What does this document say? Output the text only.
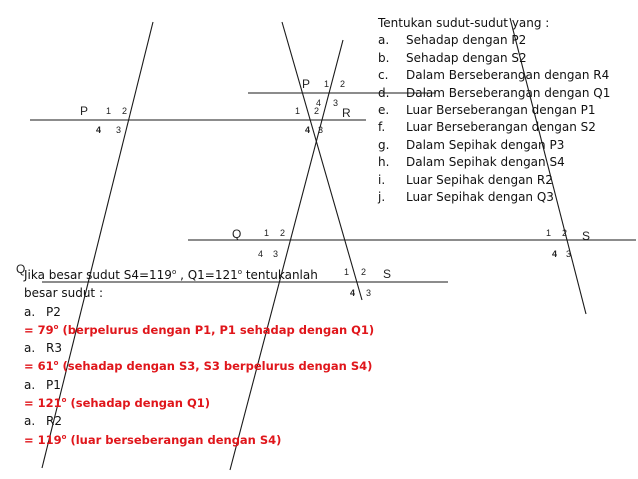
P
P
R
Q
S
S
Q
1 2
4 3
1 2
4 3
1 2
4 3
1 2
4 3
1 2
4 3
1 2
4 3
Tentukan sudut-sudut yang :
a.	Sehadap dengan P2
b.	Sehadap dengan S2
c.	Dalam Berseberangan dengan R4
d.	Dalam Berseberangan dengan Q1
e.	Luar Berseberangan dengan P1
f.	Luar Berseberangan dengan S2
g.	Dalam Sepihak dengan P3
h.	Dalam Sepihak dengan S4
i.	Luar Sepihak dengan R2
j.	Luar Sepihak dengan Q3
Jika besar sudut $S4=119^o$ , $Q1=121^o$ tentukanlah
besar sudut :
a. P2
= $79^o$ (berpelurus dengan P1, P1 sehadap dengan Q1)
a. R3
= $61^o$ (sehadap dengan S3, S3 berpelurus dengan S4)
a. P1
= $121^o$ (sehadap dengan Q1)
a. R2
= $119^o$ (luar berseberangan dengan S4)
